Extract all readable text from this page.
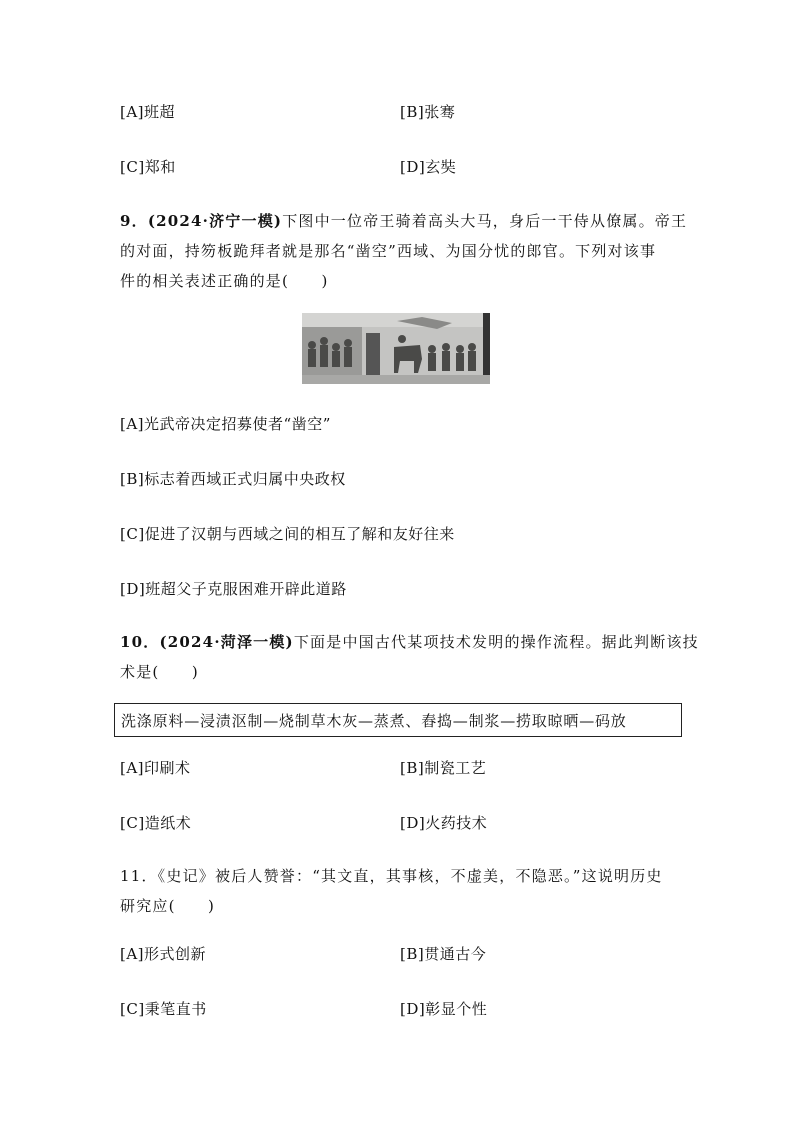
[A]班超	[B]张骞
[C]郑和	[D]玄奘
9．(2024·济宁一模)下图中一位帝王骑着高头大马，身后一干侍从僚属。帝王
的对面，持笏板跪拜者就是那名“凿空”西域、为国分忧的郎官。下列对该事
件的相关表述正确的是(　　)
[A]光武帝决定招募使者“凿空”
[B]标志着西域正式归属中央政权
[C]促进了汉朝与西域之间的相互了解和友好往来
[D]班超父子克服困难开辟此道路
10．(2024·菏泽一模)下面是中国古代某项技术发明的操作流程。据此判断该技
术是(　　)
洗涤原料—浸渍沤制—烧制草木灰—蒸煮、舂捣—制浆—捞取晾晒—码放
[A]印刷术	[B]制瓷工艺
[C]造纸术	[D]火药技术
11．《史记》被后人赞誉：“其文直，其事核，不虚美，不隐恶。”这说明历史
研究应(　　)
[A]形式创新	[B]贯通古今
[C]秉笔直书	[D]彰显个性
